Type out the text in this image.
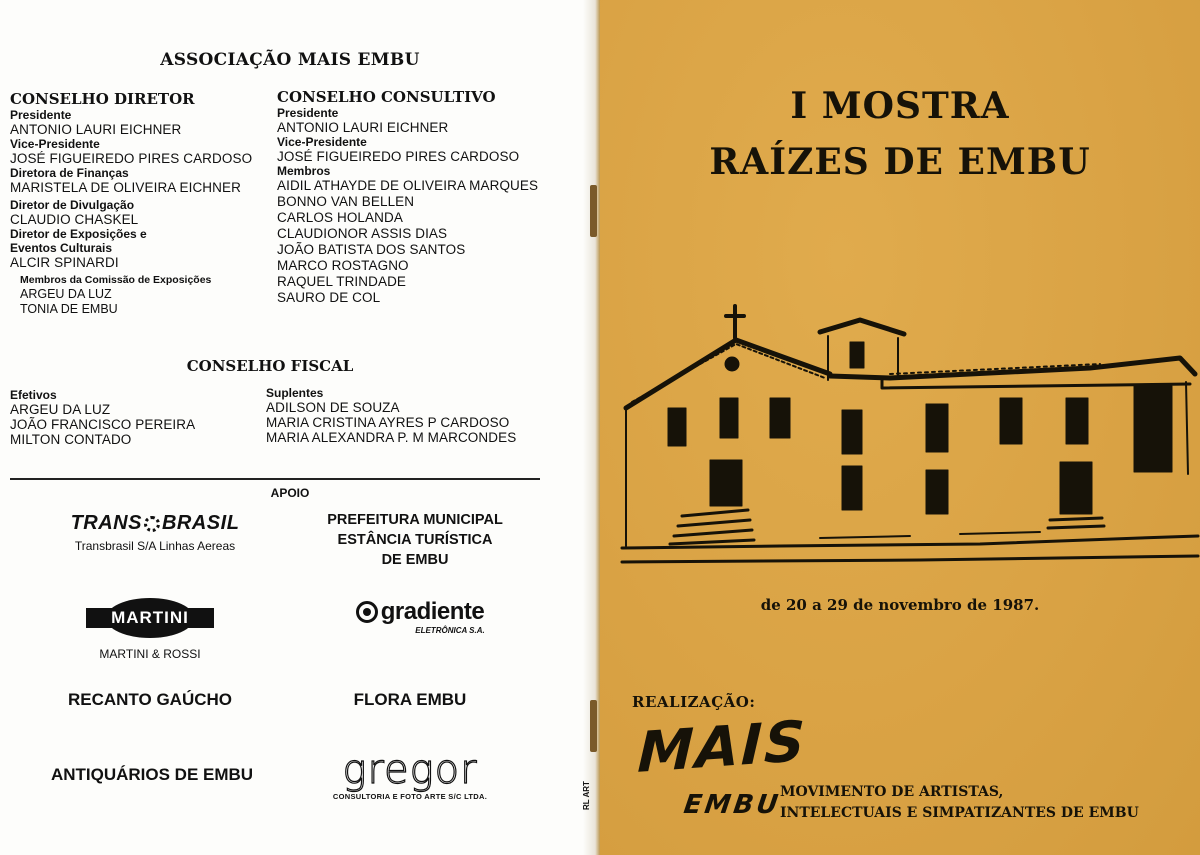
ASSOCIAÇÃO MAIS EMBU
CONSELHO DIRETOR
Presidente
ANTONIO LAURI EICHNER
Vice-Presidente
JOSÉ FIGUEIREDO PIRES CARDOSO
Diretora de Finanças
MARISTELA DE OLIVEIRA EICHNER
Diretor de Divulgação
CLAUDIO CHASKEL
Diretor de Exposições e
Eventos Culturais
ALCIR SPINARDI
Membros da Comissão de Exposições
ARGEU DA LUZ
TONIA DE EMBU
CONSELHO CONSULTIVO
Presidente
ANTONIO LAURI EICHNER
Vice-Presidente
JOSÉ FIGUEIREDO PIRES CARDOSO
Membros
AIDIL ATHAYDE DE OLIVEIRA MARQUES
BONNO VAN BELLEN
CARLOS HOLANDA
CLAUDIONOR ASSIS DIAS
JOÃO BATISTA DOS SANTOS
MARCO ROSTAGNO
RAQUEL TRINDADE
SAURO DE COL
CONSELHO FISCAL
Efetivos
ARGEU DA LUZ
JOÃO FRANCISCO PEREIRA
MILTON CONTADO
Suplentes
ADILSON DE SOUZA
MARIA CRISTINA AYRES P CARDOSO
MARIA ALEXANDRA P. M MARCONDES
APOIO
TRANS BRASIL
Transbrasil S/A Linhas Aereas
PREFEITURA MUNICIPAL
ESTÂNCIA TURÍSTICA
DE EMBU
MARTINI
MARTINI & ROSSI
gradiente
ELETRÔNICA S.A.
RECANTO GAÚCHO	FLORA EMBU
ANTIQUÁRIOS DE EMBU	gregor
CONSULTORIA E FOTO ARTE S/C LTDA.	RL ART
I MOSTRA
RAÍZES DE EMBU
de 20 a 29 de novembro de 1987.
REALIZAÇÃO:
MAIS
EMBU
MOVIMENTO DE ARTISTAS,
INTELECTUAIS E SIMPATIZANTES DE EMBU
